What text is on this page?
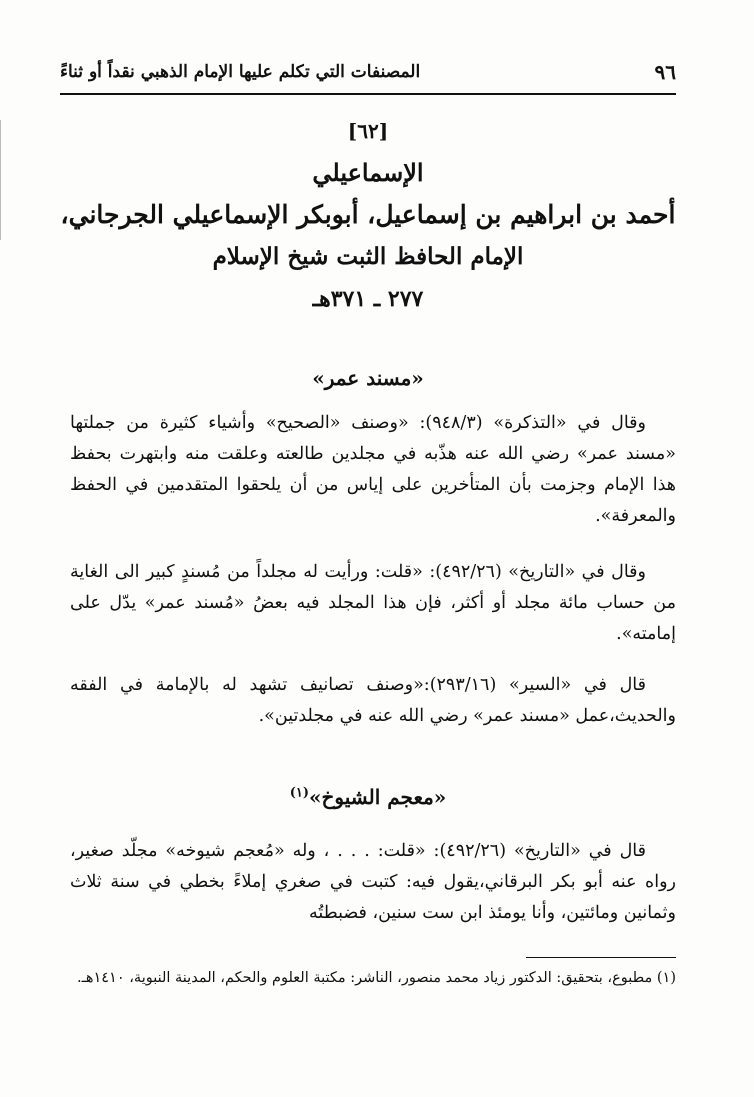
٩٦
المصنفات التي تكلم عليها الإمام الذهبي نقداً أو ثناءً
[٦٢]
الإسماعيلي
أحمد بن ابراهيم بن إسماعيل، أبوبكر الإسماعيلي الجرجاني،
الإمام الحافظ الثبت شيخ الإسلام
٢٧٧ ـ ٣٧١هـ
«مسند عمر»

وقال في «التذكرة» (٩٤٨/٣): «وصنف «الصحيح» وأشياء كثيرة من جملتها «مسند عمر» رضي الله عنه هذّبه في مجلدين طالعته وعلقت منه وابتهرت بحفظ هذا الإمام وجزمت بأن المتأخرين على إياس من أن يلحقوا المتقدمين في الحفظ والمعرفة».

وقال في «التاريخ» (٤٩٢/٢٦): «قلت: ورأيت له مجلداً من مُسندٍ كبير الى الغاية من حساب مائة مجلد أو أكثر، فإن هذا المجلد فيه بعضُ «مُسند عمر» يدّل على إمامته».

قال في «السير» (٢٩٣/١٦):«وصنف تصانيف تشهد له بالإمامة في الفقه والحديث،عمل «مسند عمر» رضي الله عنه في مجلدتين».

«معجم الشيوخ»$^{(١)}$

قال في «التاريخ» (٤٩٢/٢٦): «قلت: . . . ، وله «مُعجم شيوخه» مجلّد صغير، رواه عنه أبو بكر البرقاني،يقول فيه: كتبت في صغري إملاءً بخطي في سنة ثلاث وثمانين ومائتين، وأنا يومئذ ابن ست سنين، فضبطتُه

(١) مطبوع، بتحقيق: الدكتور زياد محمد منصور، الناشر: مكتبة العلوم والحكم، المدينة النبوية، ١٤١٠هـ.
